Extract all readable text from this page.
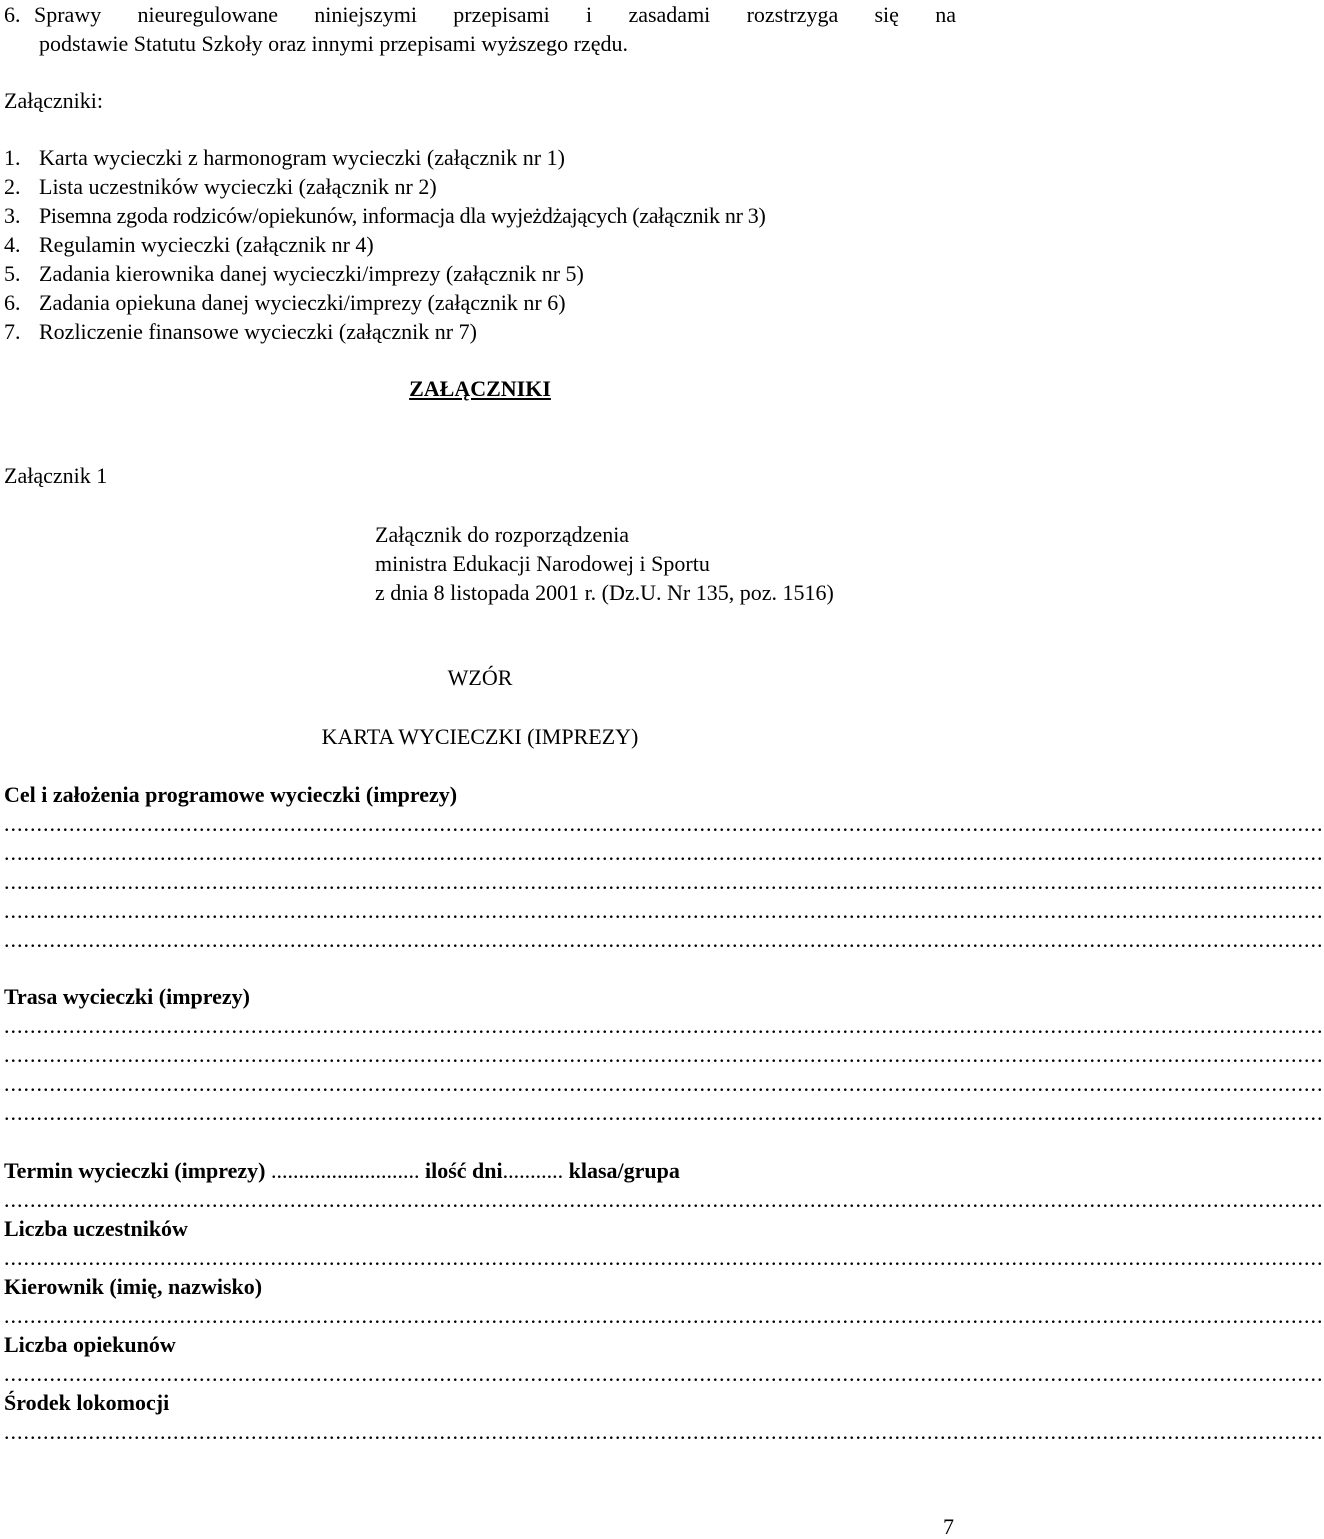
6. Sprawy nieuregulowane niniejszymi przepisami i zasadami rozstrzyga się na
podstawie Statutu Szkoły oraz innymi przepisami wyższego rzędu.
Załączniki:
1. Karta wycieczki z harmonogram wycieczki (załącznik nr 1)
2. Lista uczestników wycieczki (załącznik nr 2)
3. Pisemna zgoda rodziców/opiekunów, informacja dla wyjeżdżających (załącznik nr 3)
4. Regulamin wycieczki (załącznik nr 4)
5. Zadania kierownika danej wycieczki/imprezy (załącznik nr 5)
6. Zadania opiekuna danej wycieczki/imprezy (załącznik nr 6)
7. Rozliczenie finansowe wycieczki (załącznik nr 7)
ZAŁĄCZNIKI
Załącznik 1
Załącznik do rozporządzenia
ministra Edukacji Narodowej i Sportu
z dnia 8 listopada 2001 r. (Dz.U. Nr 135, poz. 1516)
WZÓR
KARTA WYCIECZKI (IMPREZY)
Cel i założenia programowe wycieczki (imprezy)
...........................................................................................................................................................................................................
...........................................................................................................................................................................................................
...........................................................................................................................................................................................................
...........................................................................................................................................................................................................
...........................................................................................................................................................................................................
Trasa wycieczki (imprezy)
...........................................................................................................................................................................................................
...........................................................................................................................................................................................................
...........................................................................................................................................................................................................
...........................................................................................................................................................................................................
Termin wycieczki (imprezy) ........................... ilość dni........... klasa/grupa
...........................................................................................................................................................................................................
Liczba uczestników
...........................................................................................................................................................................................................
Kierownik (imię, nazwisko)
...........................................................................................................................................................................................................
Liczba opiekunów
...........................................................................................................................................................................................................
Środek lokomocji
...........................................................................................................................................................................................................
7
